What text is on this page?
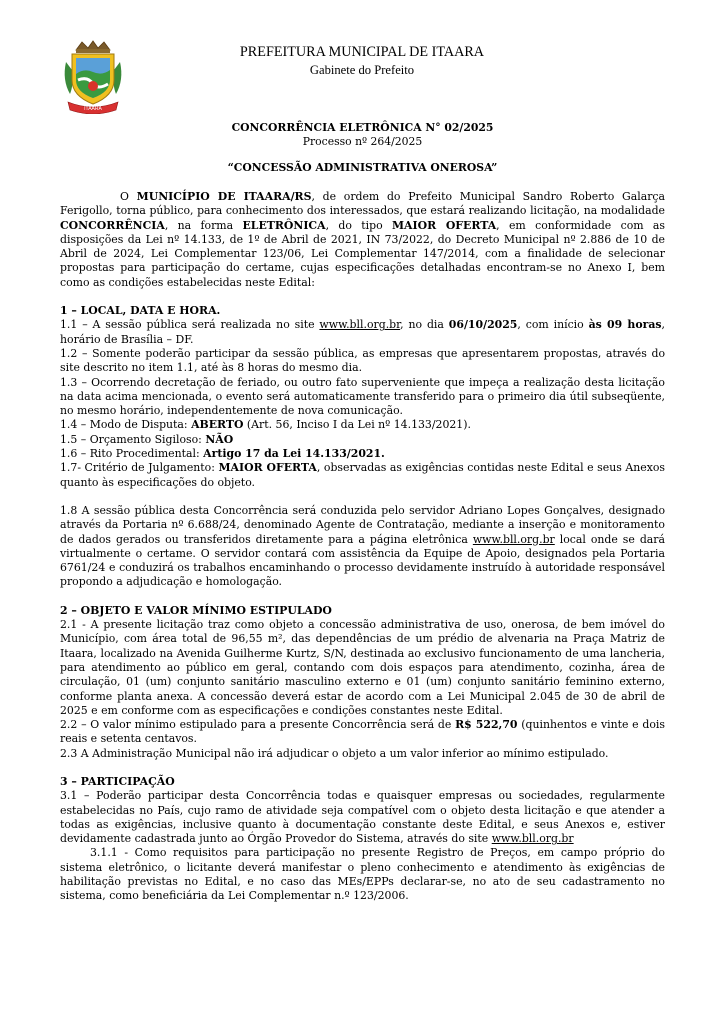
ITAARA
PREFEITURA MUNICIPAL DE ITAARA
Gabinete do Prefeito
CONCORRÊNCIA ELETRÔNICA N° 02/2025
Processo nº 264/2025
“CONCESSÃO ADMINISTRATIVA ONEROSA”

O MUNICÍPIO DE ITAARA/RS, de ordem do Prefeito Municipal Sandro Roberto Galarça Ferigollo, torna público, para conhecimento dos interessados, que estará realizando licitação, na modalidade CONCORRÊNCIA, na forma ELETRÔNICA, do tipo MAIOR OFERTA, em conformidade com as disposições da Lei nº 14.133, de 1º de Abril de 2021, IN 73/2022, do Decreto Municipal nº 2.886 de 10 de Abril de 2024, Lei Complementar 123/06, Lei Complementar 147/2014, com a finalidade de selecionar propostas para participação do certame, cujas especificações detalhadas encontram-se no Anexo I, bem como as condições estabelecidas neste Edital:

1 – LOCAL, DATA E HORA.

1.1 – A sessão pública será realizada no site www.bll.org.br, no dia 06/10/2025, com início às 09 horas, horário de Brasília – DF.

1.2 – Somente poderão participar da sessão pública, as empresas que apresentarem propostas, através do site descrito no item 1.1, até às 8 horas do mesmo dia.

1.3 – Ocorrendo decretação de feriado, ou outro fato superveniente que impeça a realização desta licitação na data acima mencionada, o evento será automaticamente transferido para o primeiro dia útil subseqüente, no mesmo horário, independentemente de nova comunicação.

1.4 – Modo de Disputa: ABERTO (Art. 56, Inciso I da Lei nº 14.133/2021).

1.5 – Orçamento Sigiloso: NÃO

1.6 – Rito Procedimental: Artigo 17 da Lei 14.133/2021.

1.7- Critério de Julgamento: MAIOR OFERTA, observadas as exigências contidas neste Edital e seus Anexos quanto às especificações do objeto.

1.8 A sessão pública desta Concorrência será conduzida pelo servidor Adriano Lopes Gonçalves, designado através da Portaria nº 6.688/24, denominado Agente de Contratação, mediante a inserção e monitoramento de dados gerados ou transferidos diretamente para a página eletrônica www.bll.org.br local onde se dará virtualmente o certame. O servidor contará com assistência da Equipe de Apoio, designados pela Portaria 6761/24 e conduzirá os trabalhos encaminhando o processo devidamente instruído à autoridade responsável propondo a adjudicação e homologação.

2 – OBJETO E VALOR MÍNIMO ESTIPULADO

2.1 - A presente licitação traz como objeto a concessão administrativa de uso, onerosa, de bem imóvel do Município, com área total de 96,55 m², das dependências de um prédio de alvenaria na Praça Matriz de Itaara, localizado na Avenida Guilherme Kurtz, S/N, destinada ao exclusivo funcionamento de uma lancheria, para atendimento ao público em geral, contando com dois espaços para atendimento, cozinha, área de circulação, 01 (um) conjunto sanitário masculino externo e 01 (um) conjunto sanitário feminino externo, conforme planta anexa. A concessão deverá estar de acordo com a Lei Municipal 2.045 de 30 de abril de 2025 e em conforme com as especificações e condições constantes neste Edital.

2.2 – O valor mínimo estipulado para a presente Concorrência será de R$ 522,70 (quinhentos e vinte e dois reais e setenta centavos.

2.3 A Administração Municipal não irá adjudicar o objeto a um valor inferior ao mínimo estipulado.

3 – PARTICIPAÇÃO

3.1 – Poderão participar desta Concorrência todas e quaisquer empresas ou sociedades, regularmente estabelecidas no País, cujo ramo de atividade seja compatível com o objeto desta licitação e que atender a todas as exigências, inclusive quanto à documentação constante deste Edital, e seus Anexos e, estiver devidamente cadastrada junto ao Órgão Provedor do Sistema, através do site www.bll.org.br

3.1.1 - Como requisitos para participação no presente Registro de Preços, em campo próprio do sistema eletrônico, o licitante deverá manifestar o pleno conhecimento e atendimento às exigências de habilitação previstas no Edital, e no caso das MEs/EPPs declarar-se, no ato de seu cadastramento no sistema, como beneficiária da Lei Complementar n.º 123/2006.
